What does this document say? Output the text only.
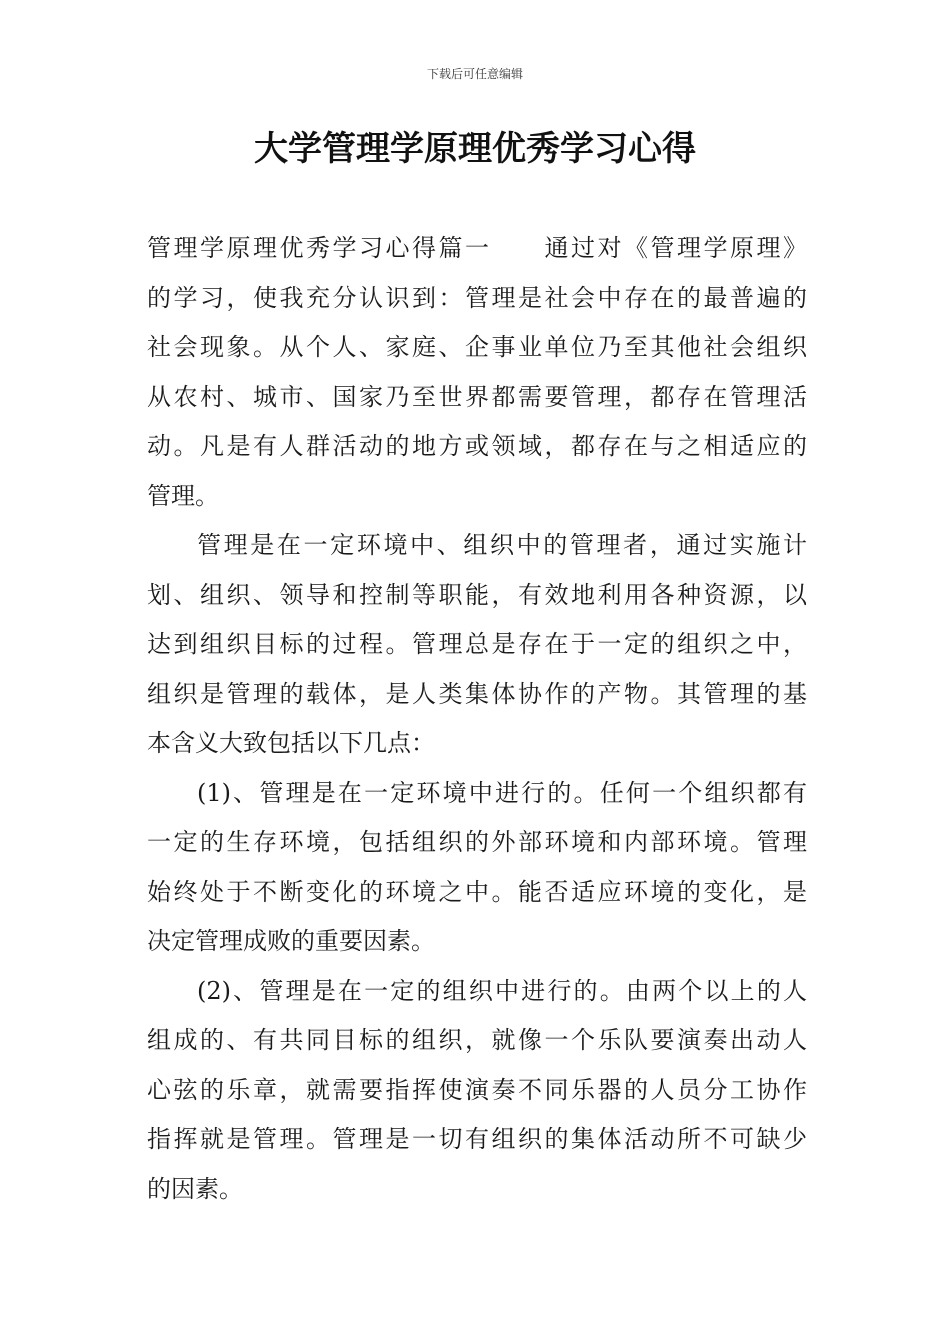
下载后可任意编辑
大学管理学原理优秀学习心得
管理学原理优秀学习心得篇一　　通过对《管理学原理》
的学习，使我充分认识到：管理是社会中存在的最普遍的
社会现象。从个人、家庭、企事业单位乃至其他社会组织
从农村、城市、国家乃至世界都需要管理，都存在管理活
动。凡是有人群活动的地方或领域，都存在与之相适应的
管理。
管理是在一定环境中、组织中的管理者，通过实施计
划、组织、领导和控制等职能，有效地利用各种资源，以
达到组织目标的过程。管理总是存在于一定的组织之中，
组织是管理的载体，是人类集体协作的产物。其管理的基
本含义大致包括以下几点：
(1)、管理是在一定环境中进行的。任何一个组织都有
一定的生存环境，包括组织的外部环境和内部环境。管理
始终处于不断变化的环境之中。能否适应环境的变化，是
决定管理成败的重要因素。
(2)、管理是在一定的组织中进行的。由两个以上的人
组成的、有共同目标的组织，就像一个乐队要演奏出动人
心弦的乐章，就需要指挥使演奏不同乐器的人员分工协作
指挥就是管理。管理是一切有组织的集体活动所不可缺少
的因素。
